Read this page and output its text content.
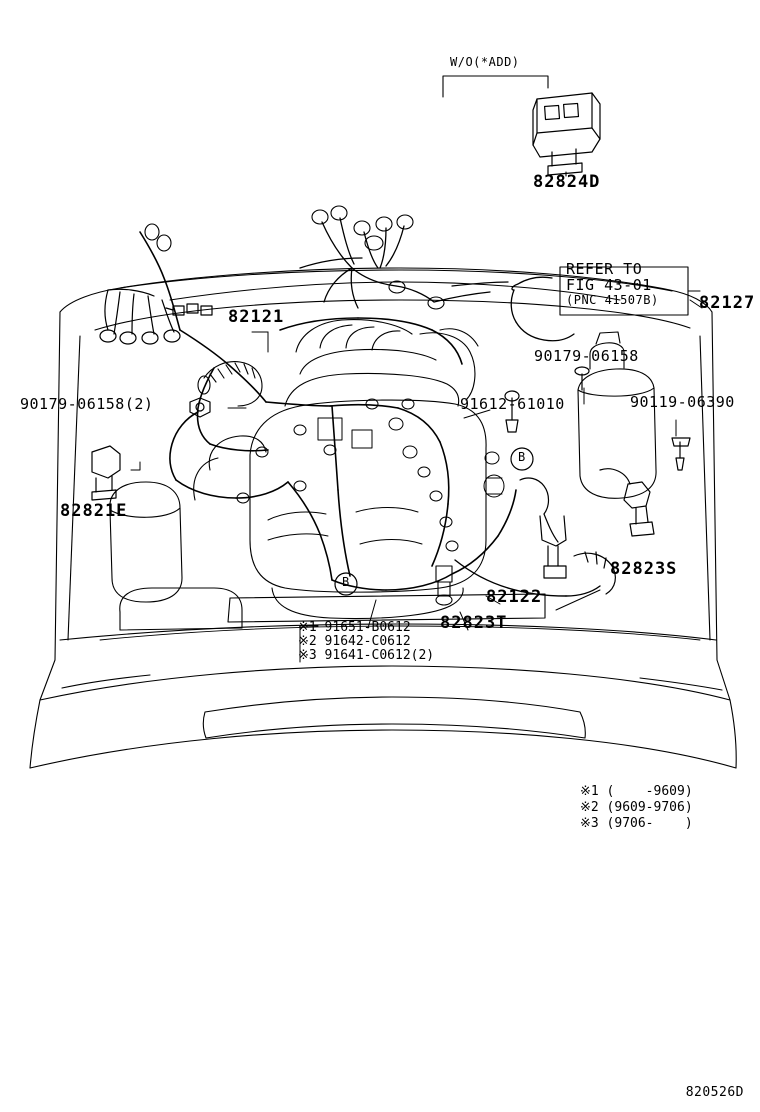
W/O(*ADD)
82824D
82121
82127
90179-06158(2)
90179-06158
90119-06390
91612-61010
82821E
82823S
82122
82823T
REFER TO
FIG 43-01
(PNC 41507B)
※1 91651-B0612
※2 91642-C0612
※3 91641-C0612(2)
※1 (    -9609)
※2 (9609-9706)
※3 (9706-    )
B
B
820526D
